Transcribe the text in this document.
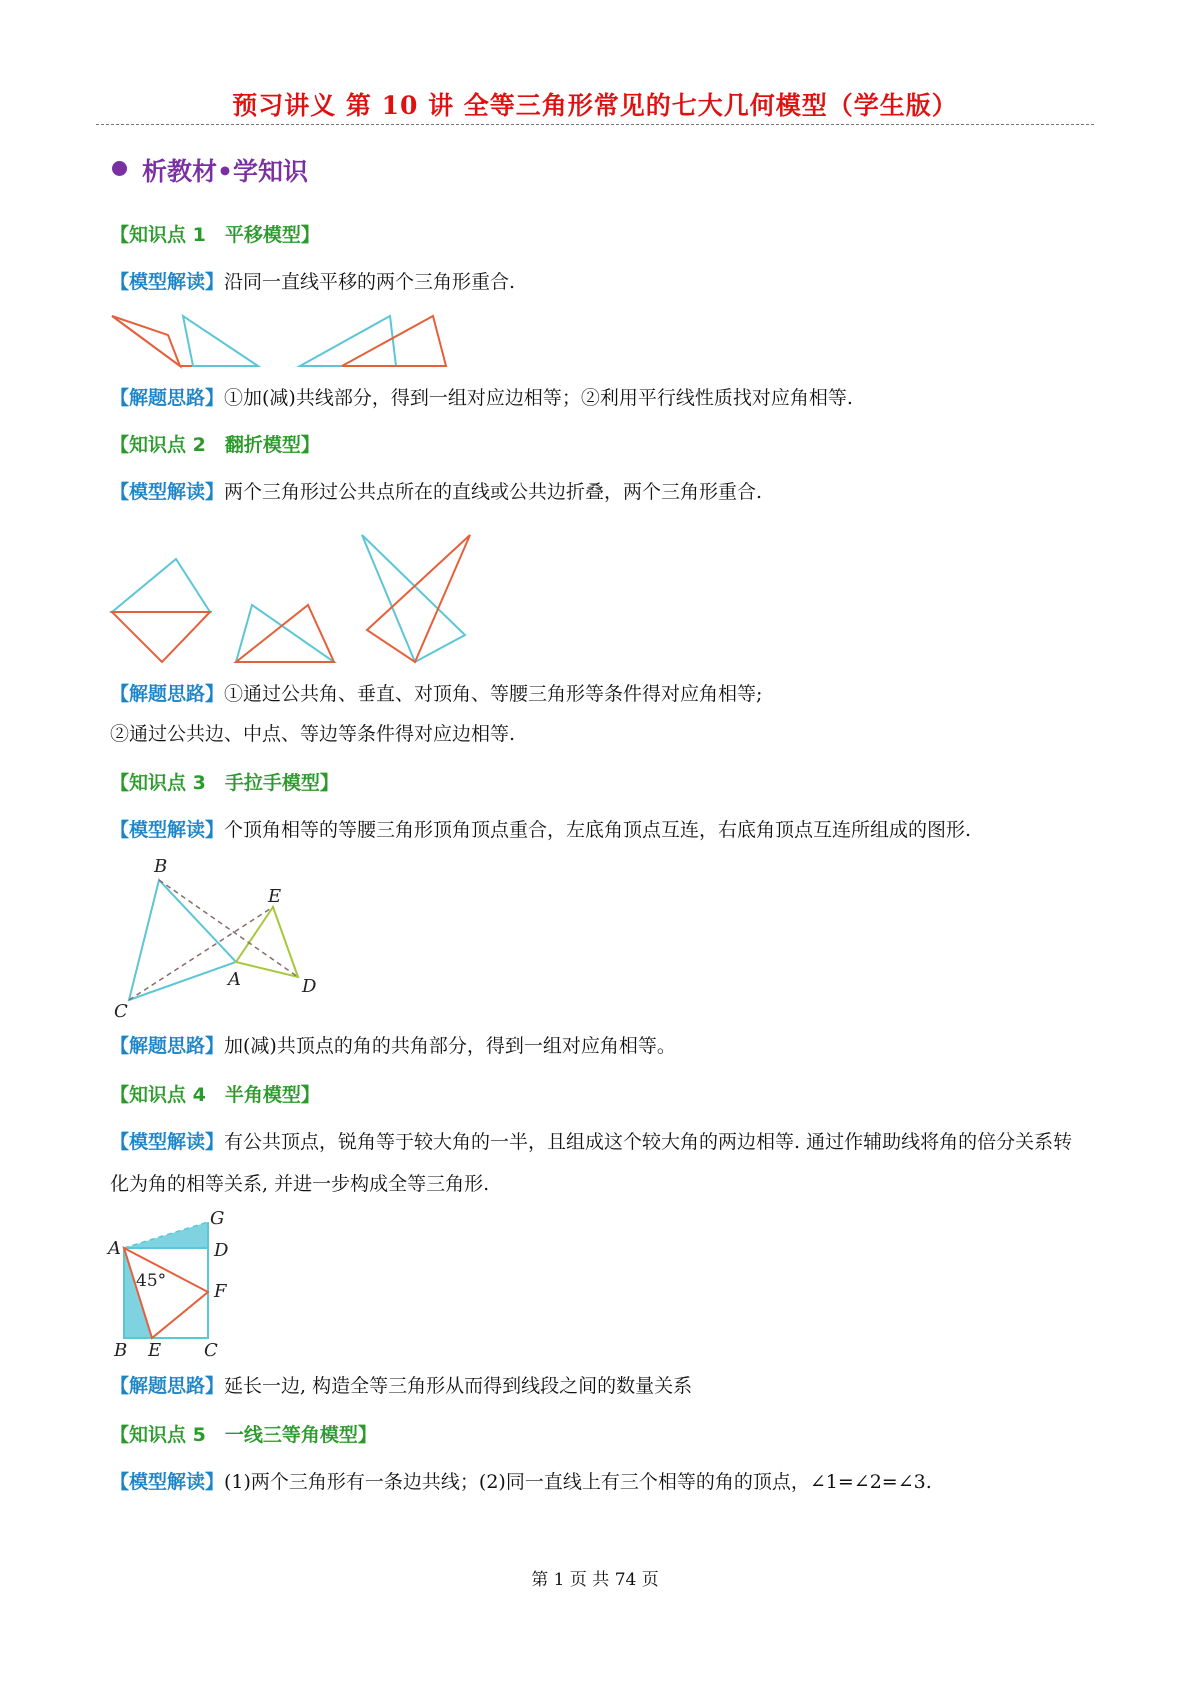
预习讲义 第 10 讲 全等三角形常见的七大几何模型（学生版）
析教材•学知识
【知识点 1　平移模型】
【模型解读】沿同一直线平移的两个三角形重合.
【解题思路】①加(减)共线部分，得到一组对应边相等；②利用平行线性质找对应角相等.
【知识点 2　翻折模型】
【模型解读】两个三角形过公共点所在的直线或公共边折叠，两个三角形重合.
【解题思路】①通过公共角、垂直、对顶角、等腰三角形等条件得对应角相等;
②通过公共边、中点、等边等条件得对应边相等.
【知识点 3　手拉手模型】
【模型解读】个顶角相等的等腰三角形顶角顶点重合，左底角顶点互连，右底角顶点互连所组成的图形.
B
E
A	D
C
【解题思路】加(减)共顶点的角的共角部分，得到一组对应角相等。
【知识点 4　半角模型】
【模型解读】有公共顶点，锐角等于较大角的一半，且组成这个较大角的两边相等. 通过作辅助线将角的倍分关系转化为角的相等关系, 并进一步构成全等三角形.
G
A	D
45°	F
B E C
【解题思路】延长一边, 构造全等三角形从而得到线段之间的数量关系
【知识点 5　一线三等角模型】
【模型解读】(1)两个三角形有一条边共线；(2)同一直线上有三个相等的角的顶点，∠1=∠2=∠3.
第 1 页 共 74 页
